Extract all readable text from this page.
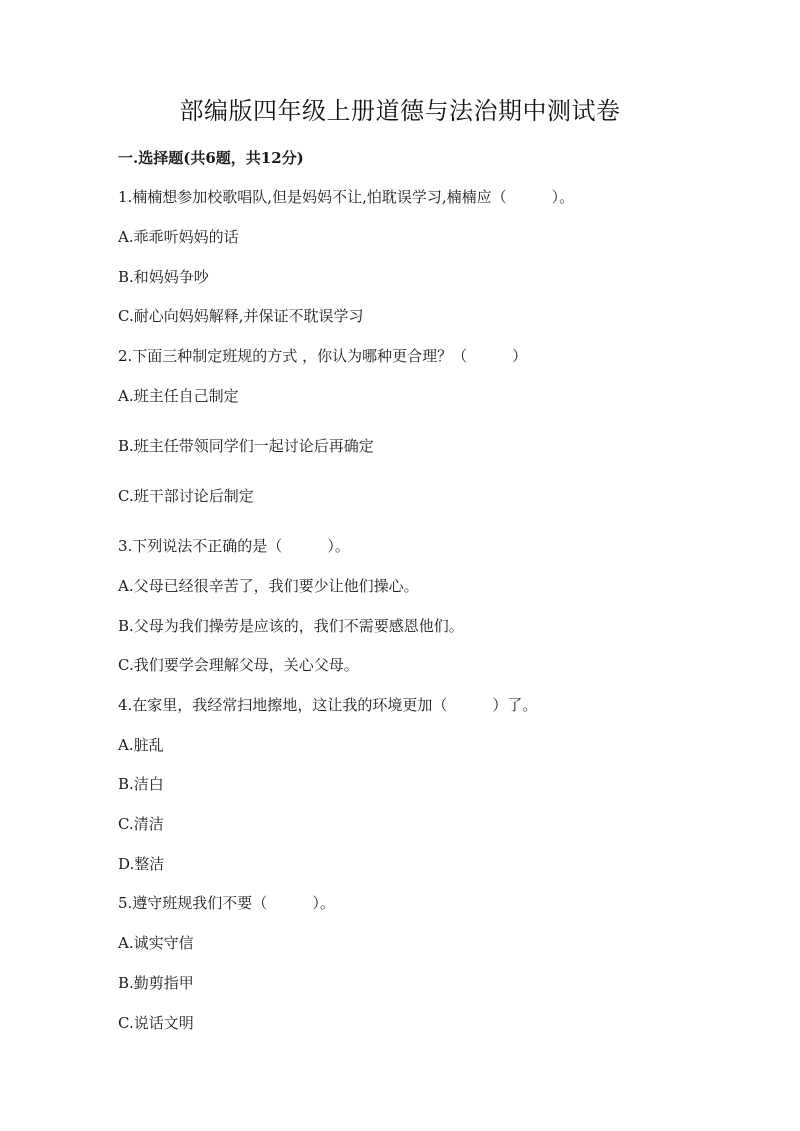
部编版四年级上册道德与法治期中测试卷
一.选择题(共6题，共12分)
1.楠楠想参加校歌唱队,但是妈妈不让,怕耽误学习,楠楠应（　　　）。
A.乖乖听妈妈的话
B.和妈妈争吵
C.耐心向妈妈解释,并保证不耽误学习
2.下面三种制定班规的方式 ，你认为哪种更合理？（　　　）
A.班主任自己制定
B.班主任带领同学们一起讨论后再确定
C.班干部讨论后制定
3.下列说法不正确的是（　　　）。
A.父母已经很辛苦了，我们要少让他们操心。
B.父母为我们操劳是应该的，我们不需要感恩他们。
C.我们要学会理解父母，关心父母。
4.在家里，我经常扫地擦地，这让我的环境更加（　　　）了。
A.脏乱
B.洁白
C.清洁
D.整洁
5.遵守班规我们不要（　　　）。
A.诚实守信
B.勤剪指甲
C.说话文明
